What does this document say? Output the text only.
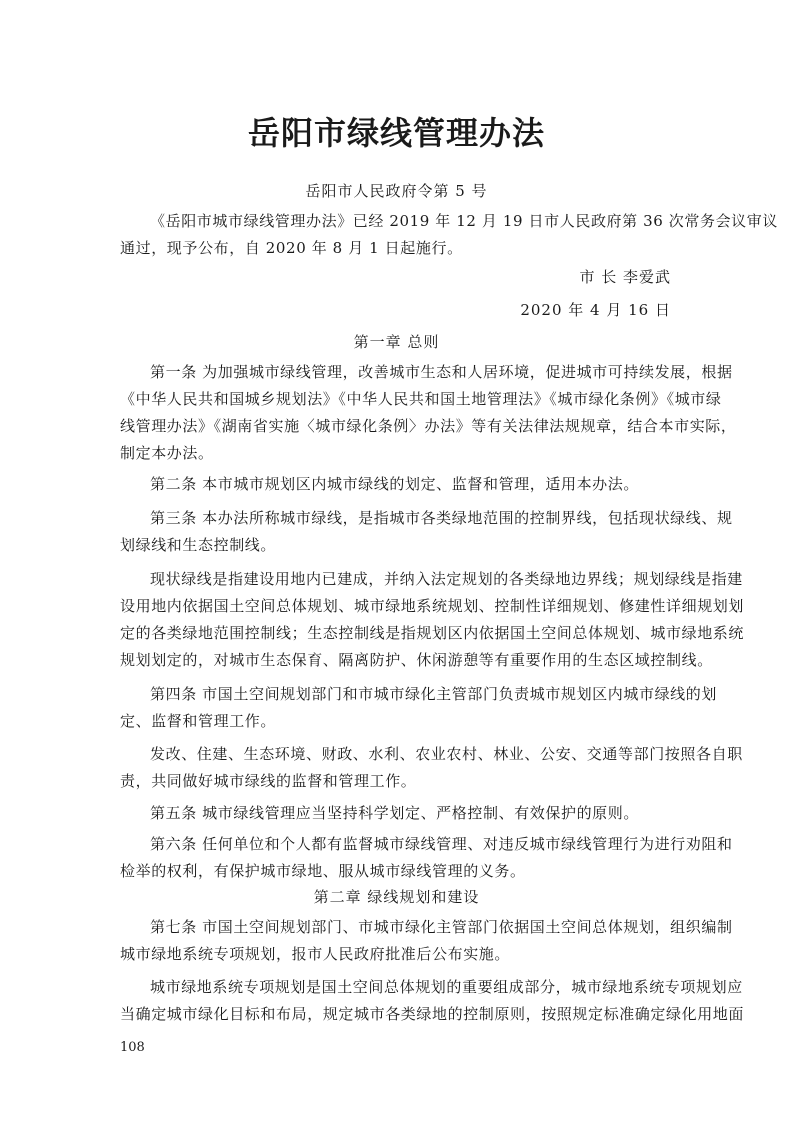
岳阳市绿线管理办法
岳阳市人民政府令第 5 号
《岳阳市城市绿线管理办法》已经 2019 年 12 月 19 日市人民政府第 36 次常务会议审议
通过，现予公布，自 2020 年 8 月 1 日起施行。
市 长 李爱武
2020 年 4 月 16 日
第一章 总则
第一条 为加强城市绿线管理，改善城市生态和人居环境，促进城市可持续发展，根据
《中华人民共和国城乡规划法》《中华人民共和国土地管理法》《城市绿化条例》《城市绿
线管理办法》《湖南省实施〈城市绿化条例〉办法》等有关法律法规规章，结合本市实际，
制定本办法。
第二条 本市城市规划区内城市绿线的划定、监督和管理，适用本办法。
第三条 本办法所称城市绿线，是指城市各类绿地范围的控制界线，包括现状绿线、规
划绿线和生态控制线。
现状绿线是指建设用地内已建成，并纳入法定规划的各类绿地边界线；规划绿线是指建
设用地内依据国土空间总体规划、城市绿地系统规划、控制性详细规划、修建性详细规划划
定的各类绿地范围控制线；生态控制线是指规划区内依据国土空间总体规划、城市绿地系统
规划划定的，对城市生态保育、隔离防护、休闲游憩等有重要作用的生态区域控制线。
第四条 市国土空间规划部门和市城市绿化主管部门负责城市规划区内城市绿线的划
定、监督和管理工作。
发改、住建、生态环境、财政、水利、农业农村、林业、公安、交通等部门按照各自职
责，共同做好城市绿线的监督和管理工作。
第五条 城市绿线管理应当坚持科学划定、严格控制、有效保护的原则。
第六条 任何单位和个人都有监督城市绿线管理、对违反城市绿线管理行为进行劝阻和
检举的权利，有保护城市绿地、服从城市绿线管理的义务。
第二章 绿线规划和建设
第七条 市国土空间规划部门、市城市绿化主管部门依据国土空间总体规划，组织编制
城市绿地系统专项规划，报市人民政府批准后公布实施。
城市绿地系统专项规划是国土空间总体规划的重要组成部分，城市绿地系统专项规划应
当确定城市绿化目标和布局，规定城市各类绿地的控制原则，按照规定标准确定绿化用地面
108
